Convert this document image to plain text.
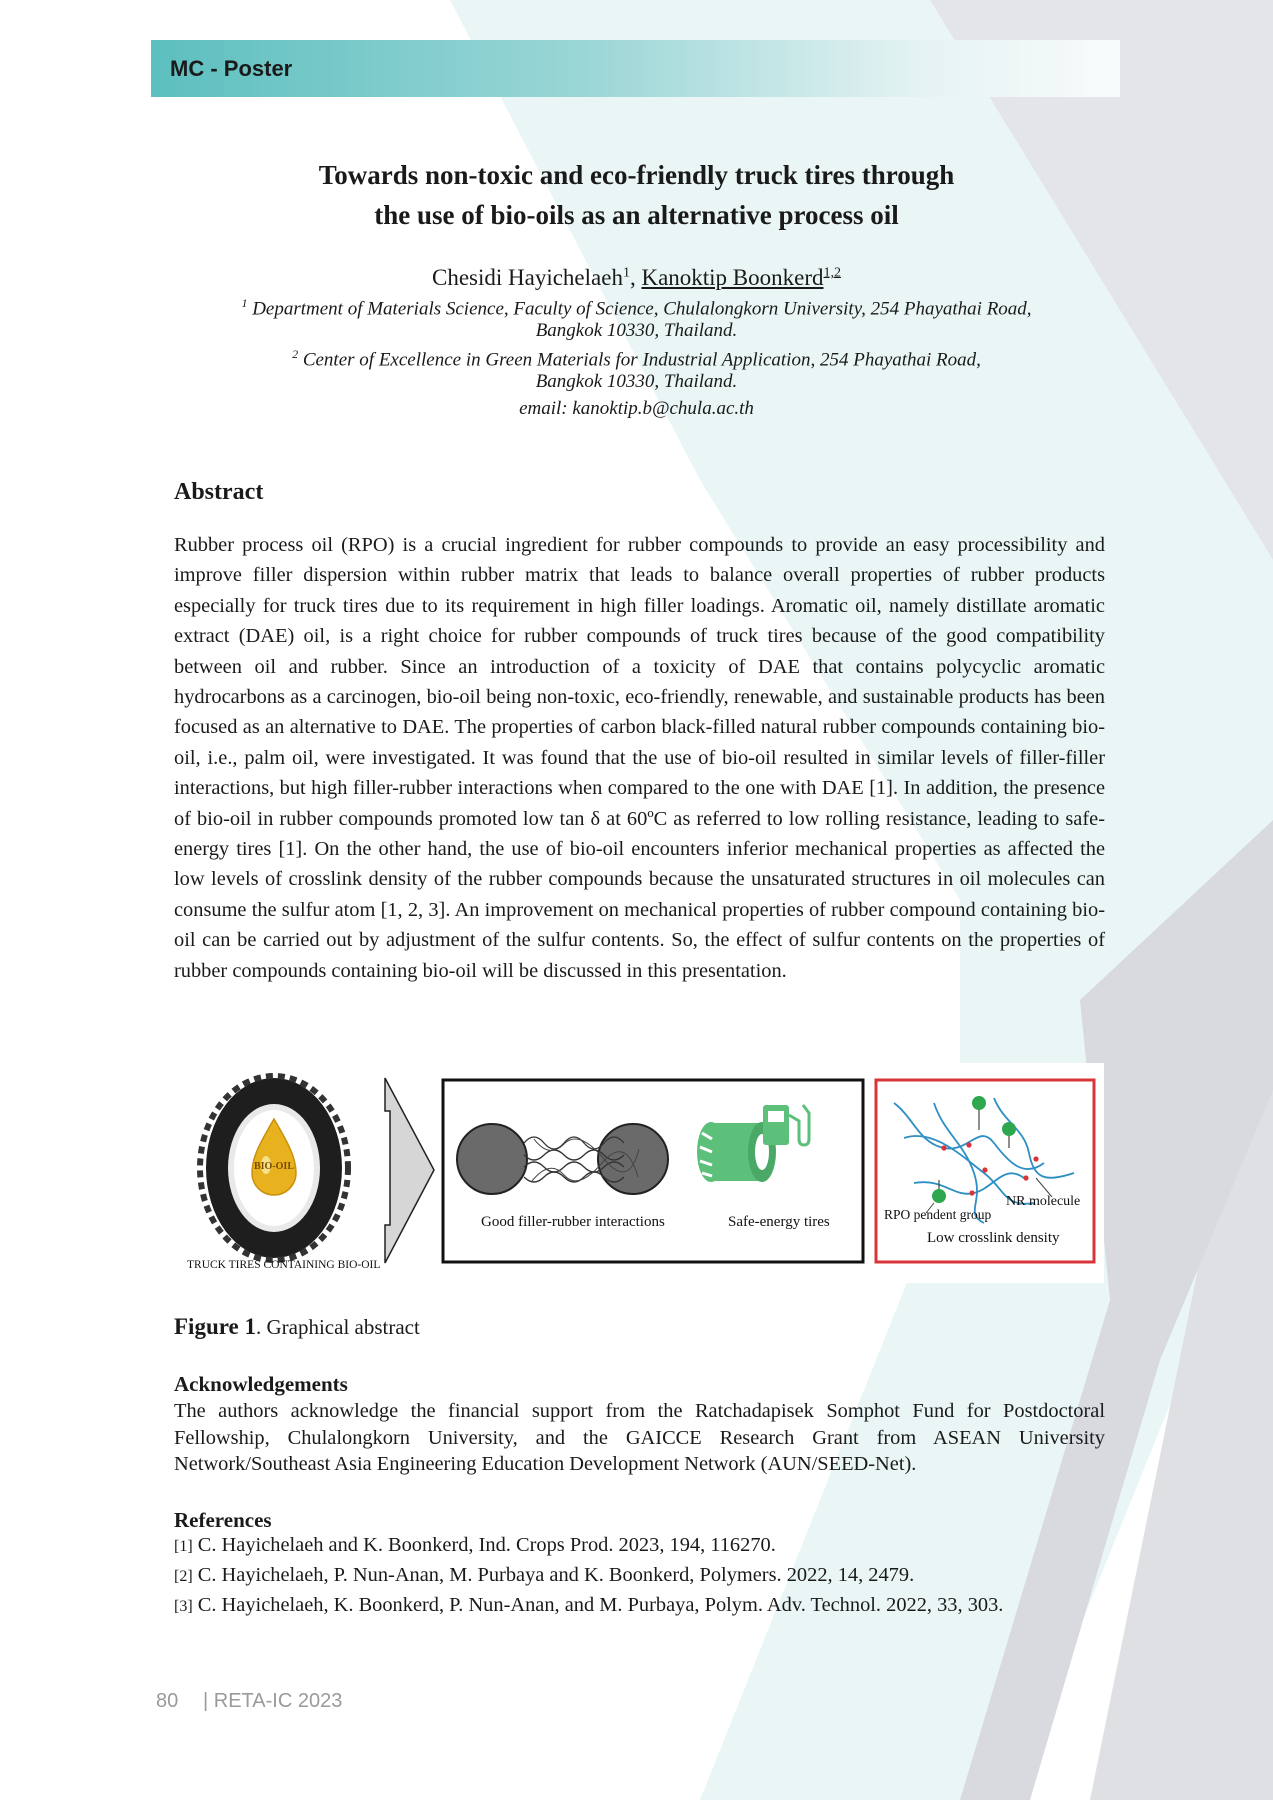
MC - Poster
Towards non-toxic and eco-friendly truck tires through
the use of bio-oils as an alternative process oil
Chesidi Hayichelaeh$^1$, Kanoktip Boonkerd$^{1,2}$
$^1$ Department of Materials Science, Faculty of Science, Chulalongkorn University, 254 Phayathai Road,
Bangkok 10330, Thailand.
$^2$ Center of Excellence in Green Materials for Industrial Application, 254 Phayathai Road,
Bangkok 10330, Thailand.
email: kanoktip.b@chula.ac.th
Abstract
Rubber process oil (RPO) is a crucial ingredient for rubber compounds to provide an easy processibility and improve filler dispersion within rubber matrix that leads to balance overall properties of rubber products especially for truck tires due to its requirement in high filler loadings. Aromatic oil, namely distillate aromatic extract (DAE) oil, is a right choice for rubber compounds of truck tires because of the good compatibility between oil and rubber. Since an introduction of a toxicity of DAE that contains polycyclic aromatic hydrocarbons as a carcinogen, bio-oil being non-toxic, eco-friendly, renewable, and sustainable products has been focused as an alternative to DAE. The properties of carbon black-filled natural rubber compounds containing bio-oil, i.e., palm oil, were investigated. It was found that the use of bio-oil resulted in similar levels of filler-filler interactions, but high filler-rubber interactions when compared to the one with DAE [1]. In addition, the presence of bio-oil in rubber compounds promoted low tan δ at 60ºC as referred to low rolling resistance, leading to safe-energy tires [1]. On the other hand, the use of bio-oil encounters inferior mechanical properties as affected the low levels of crosslink density of the rubber compounds because the unsaturated structures in oil molecules can consume the sulfur atom [1, 2, 3]. An improvement on mechanical properties of rubber compound containing bio-oil can be carried out by adjustment of the sulfur contents. So, the effect of sulfur contents on the properties of rubber compounds containing bio-oil will be discussed in this presentation.
BIO-OIL
TRUCK TIRES CONTAINING BIO-OIL
Good filler-rubber interactions	Safe-energy tires
NR molecule
RPO pendent group
Low crosslink density
Figure 1. Graphical abstract
Acknowledgements
The authors acknowledge the financial support from the Ratchadapisek Somphot Fund for Postdoctoral Fellowship, Chulalongkorn University, and the GAICCE Research Grant from ASEAN University Network/Southeast Asia Engineering Education Development Network (AUN/SEED-Net).
References
[1] C. Hayichelaeh and K. Boonkerd, Ind. Crops Prod. 2023, 194, 116270.
[2] C. Hayichelaeh, P. Nun-Anan, M. Purbaya and K. Boonkerd, Polymers. 2022, 14, 2479.
[3] C. Hayichelaeh, K. Boonkerd, P. Nun-Anan, and M. Purbaya, Polym. Adv. Technol. 2022, 33, 303.
80 | RETA-IC 2023
